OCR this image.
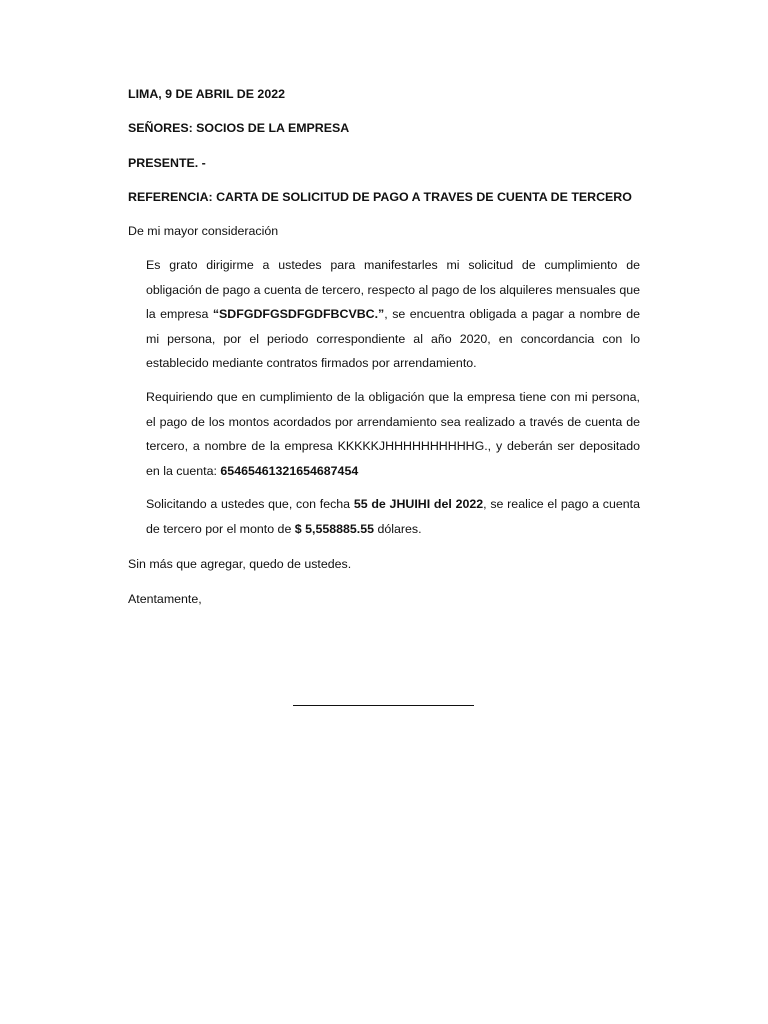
LIMA, 9 DE ABRIL DE 2022
SEÑORES: SOCIOS DE LA EMPRESA
PRESENTE. -
REFERENCIA: CARTA DE SOLICITUD DE PAGO A TRAVES DE CUENTA DE TERCERO
De mi mayor consideración
Es grato dirigirme a ustedes para manifestarles mi solicitud de cumplimiento de obligación de pago a cuenta de tercero, respecto al pago de los alquileres mensuales que la empresa “SDFGDFGSDFGDFBCVBC.”, se encuentra obligada a pagar a nombre de mi persona, por el periodo correspondiente al año 2020, en concordancia con lo establecido mediante contratos firmados por arrendamiento.
Requiriendo que en cumplimiento de la obligación que la empresa tiene con mi persona, el pago de los montos acordados por arrendamiento sea realizado a través de cuenta de tercero, a nombre de la empresa KKKKKJHHHHHHHHHHG., y deberán ser depositado en la cuenta: 65465461321654687454
Solicitando a ustedes que, con fecha 55 de JHUIHI del 2022, se realice el pago a cuenta de tercero por el monto de $ 5,558885.55 dólares.
Sin más que agregar, quedo de ustedes.
Atentamente,
